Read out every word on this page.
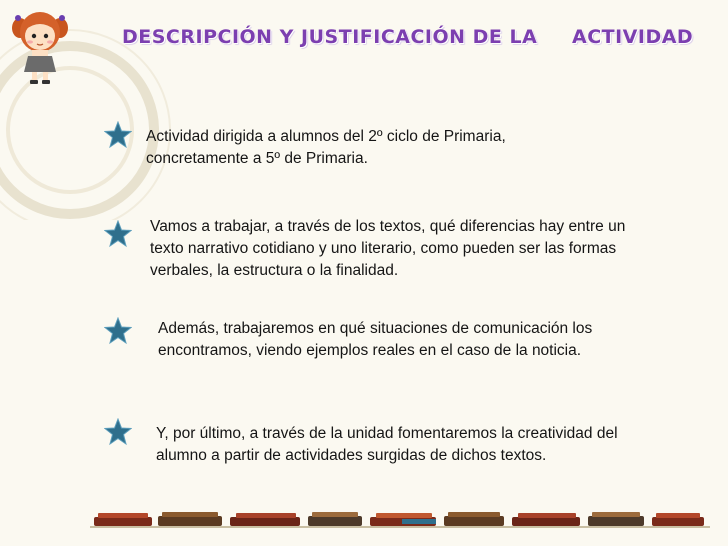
DESCRIPCIÓN Y JUSTIFICACIÓN DE LA ACTIVIDAD
Actividad dirigida a alumnos del 2º ciclo de Primaria,
concretamente a 5º de Primaria.
Vamos a trabajar, a través de los textos, qué diferencias hay entre un
texto narrativo cotidiano y uno literario, como pueden ser las formas
verbales, la estructura o la finalidad.
Además, trabajaremos en qué situaciones de comunicación los
encontramos, viendo ejemplos reales en el caso de la noticia.
Y, por último, a través de la unidad fomentaremos la creatividad del
alumno a partir de actividades surgidas de dichos textos.
